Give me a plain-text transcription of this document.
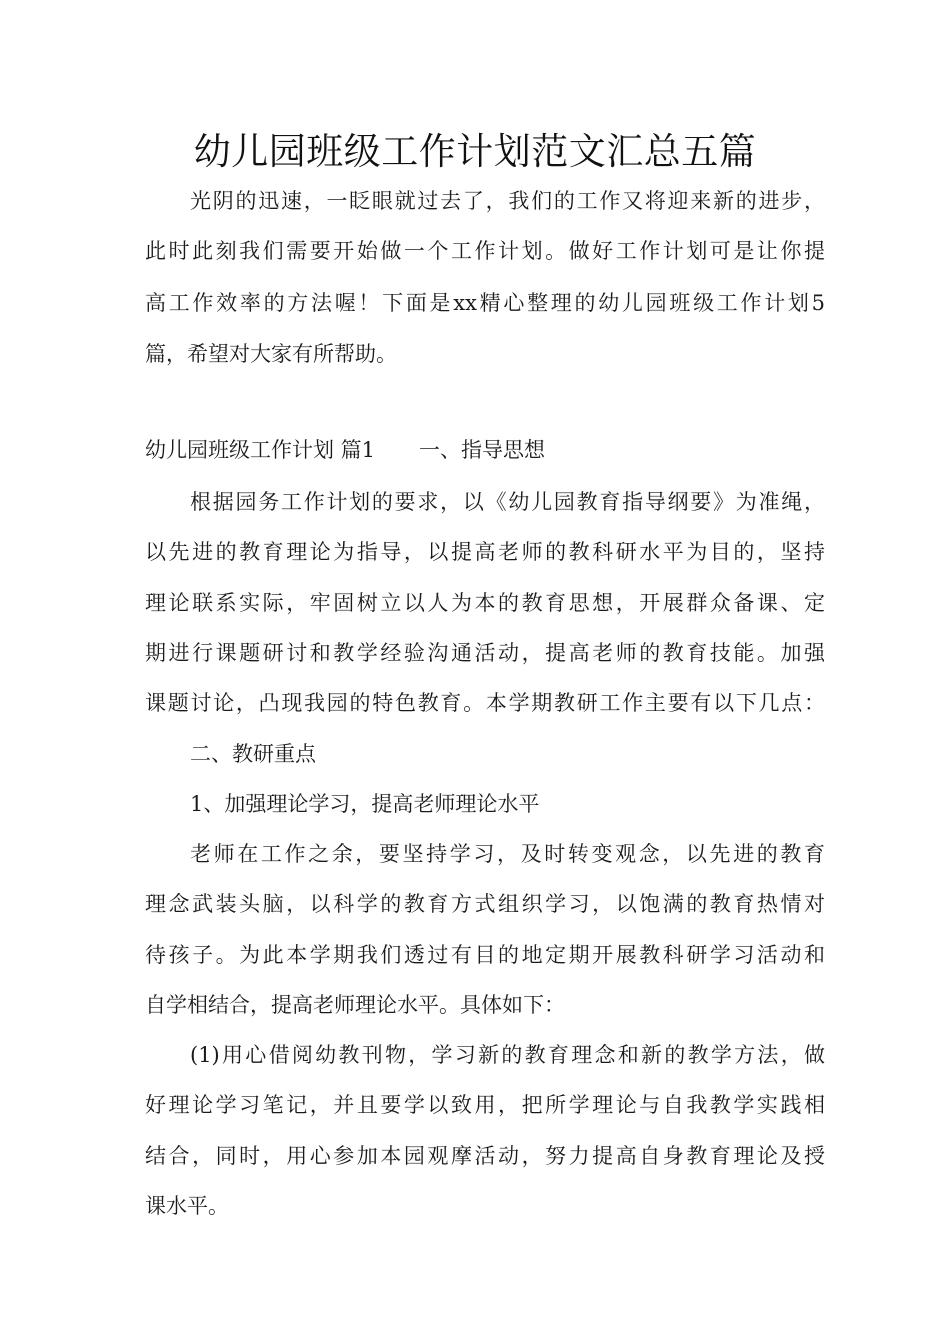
幼儿园班级工作计划范文汇总五篇
光阴的迅速，一眨眼就过去了，我们的工作又将迎来新的进步，
此时此刻我们需要开始做一个工作计划。做好工作计划可是让你提
高工作效率的方法喔！下面是xx精心整理的幼儿园班级工作计划5
篇，希望对大家有所帮助。
幼儿园班级工作计划 篇1 一、指导思想
根据园务工作计划的要求，以《幼儿园教育指导纲要》为准绳，
以先进的教育理论为指导，以提高老师的教科研水平为目的，坚持
理论联系实际，牢固树立以人为本的教育思想，开展群众备课、定
期进行课题研讨和教学经验沟通活动，提高老师的教育技能。加强
课题讨论，凸现我园的特色教育。本学期教研工作主要有以下几点：
二、教研重点
1、加强理论学习，提高老师理论水平
老师在工作之余，要坚持学习，及时转变观念，以先进的教育
理念武装头脑，以科学的教育方式组织学习，以饱满的教育热情对
待孩子。为此本学期我们透过有目的地定期开展教科研学习活动和
自学相结合，提高老师理论水平。具体如下：
(1)用心借阅幼教刊物，学习新的教育理念和新的教学方法，做
好理论学习笔记，并且要学以致用，把所学理论与自我教学实践相
结合，同时，用心参加本园观摩活动，努力提高自身教育理论及授
课水平。
